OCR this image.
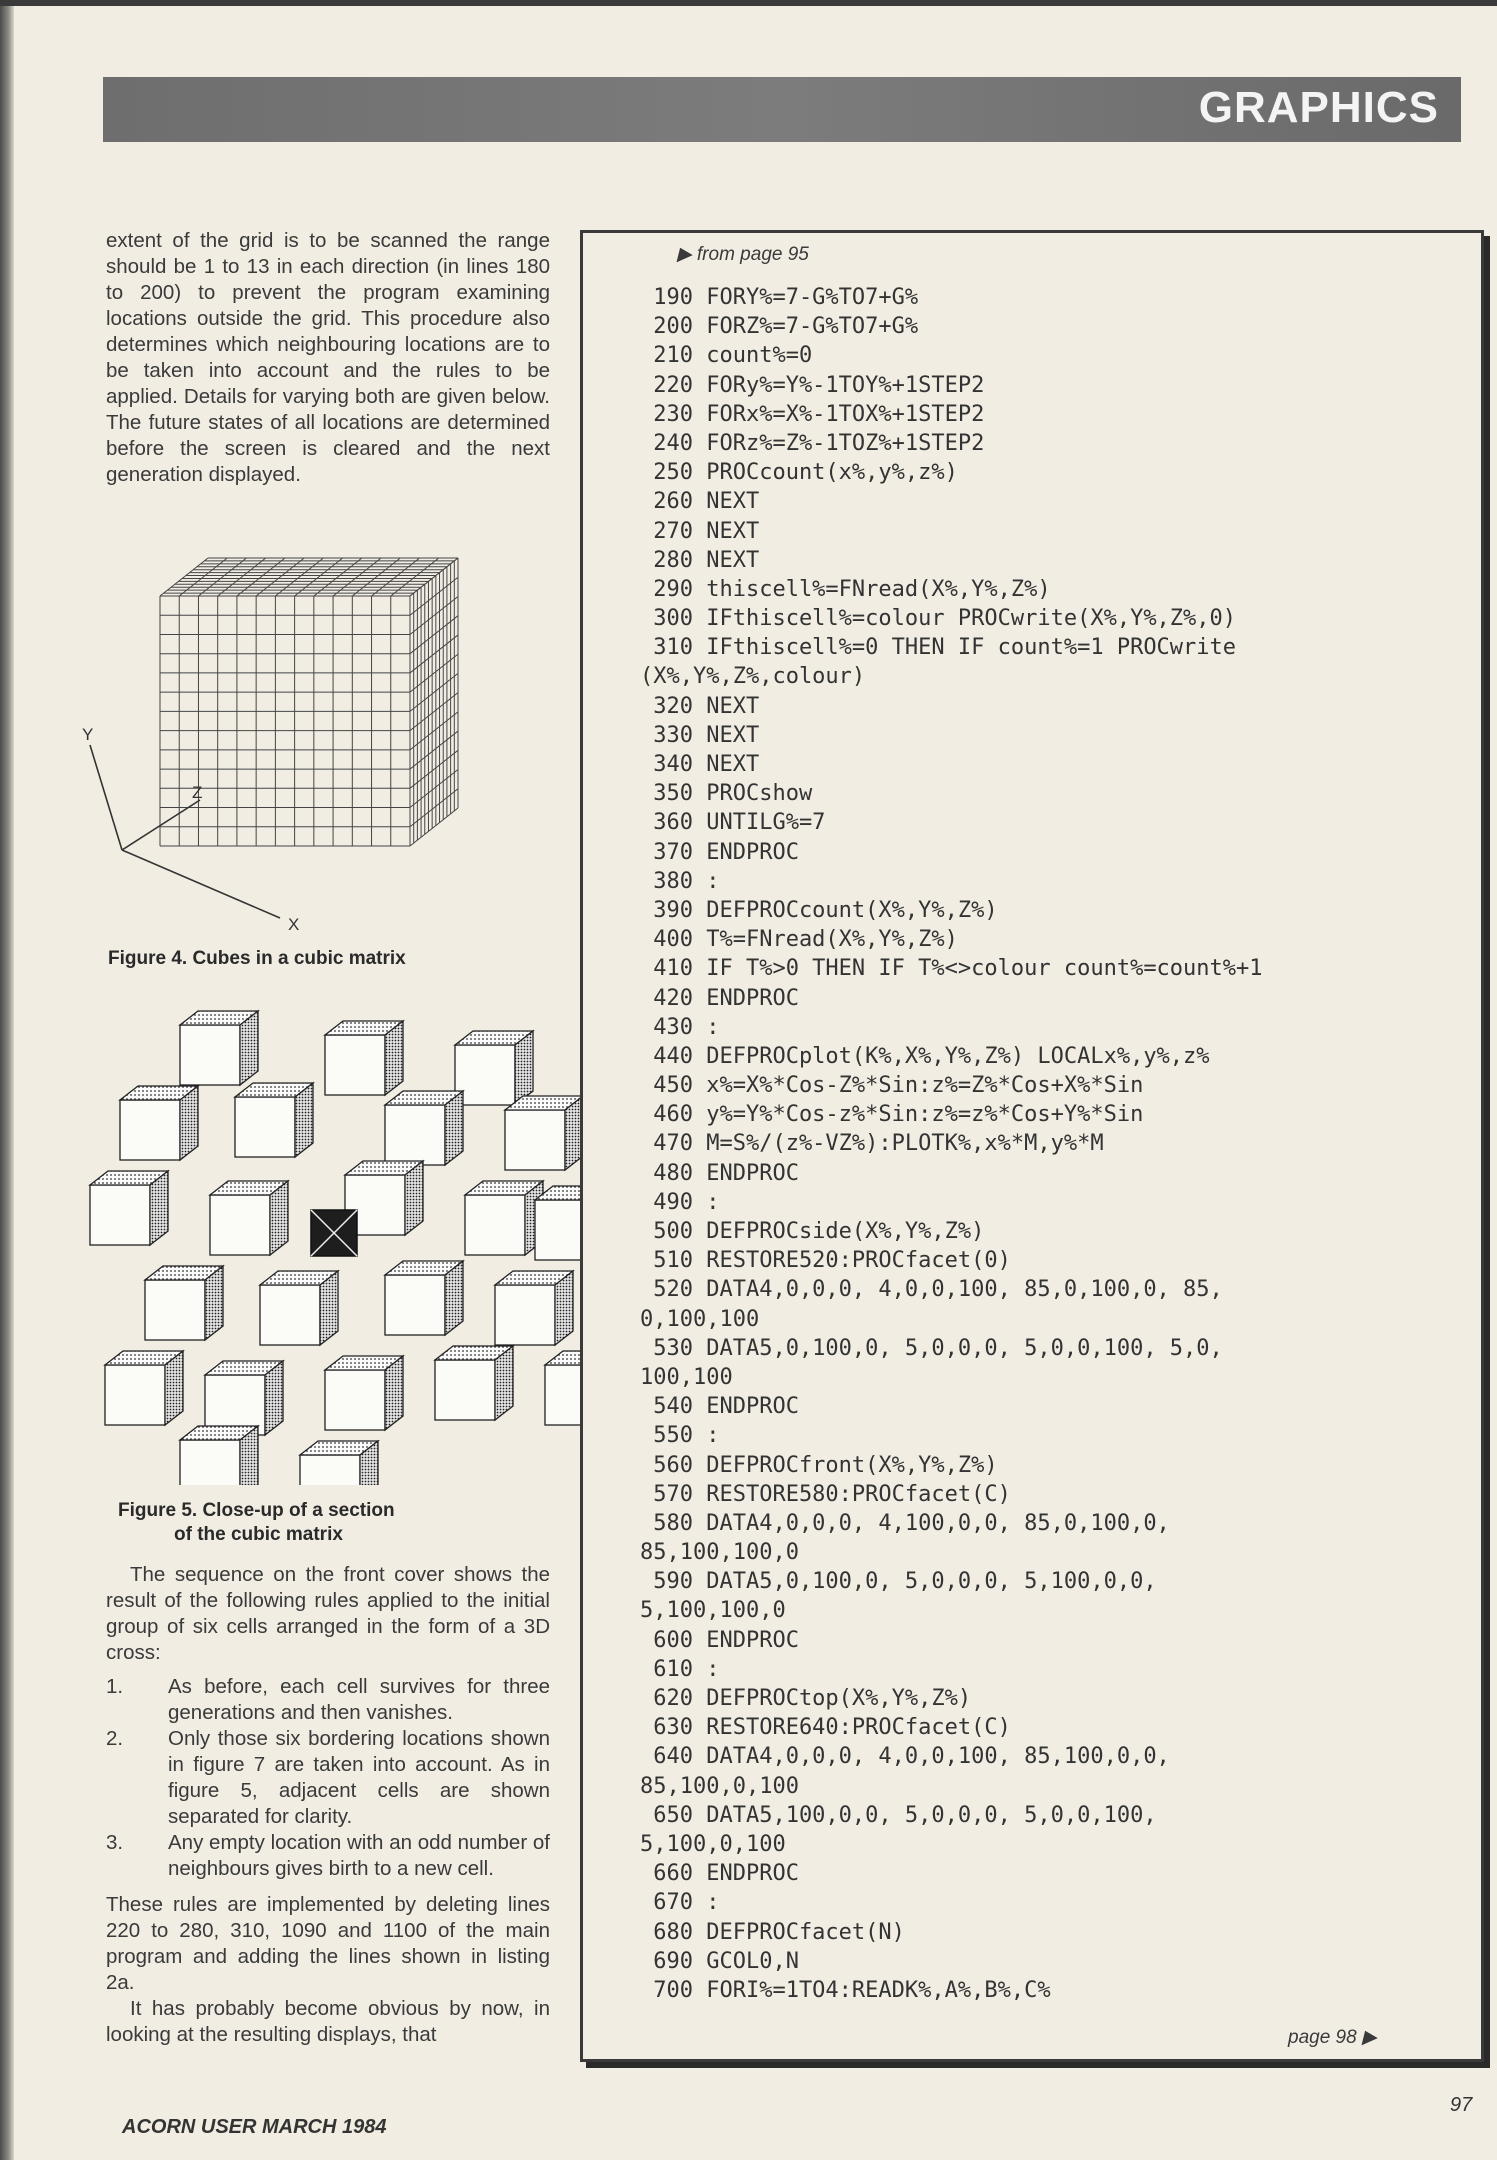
GRAPHICS
extent of the grid is to be scanned the range should be 1 to 13 in each direction (in lines 180 to 200) to prevent the program examining locations outside the grid. This procedure also determines which neighbouring locations are to be taken into account and the rules to be applied. Details for varying both are given below. The future states of all locations are determined before the screen is cleared and the next generation displayed.
Y
Z
X
Figure 4. Cubes in a cubic matrix
Figure 5. Close-up of a section
of the cubic matrix

The sequence on the front cover shows the result of the following rules applied to the initial group of six cells arranged in the form of a 3D cross:

1.	As before, each cell survives for three generations and then vanishes.
2.	Only those six bordering locations shown in figure 7 are taken into account. As in figure 5, adjacent cells are shown separated for clarity.
3.	Any empty location with an odd number of neighbours gives birth to a new cell.

These rules are implemented by deleting lines 220 to 280, 310, 1090 and 1100 of the main program and adding the lines shown in listing 2a.

It has probably become obvious by now, in looking at the resulting displays, that

▶ from page 95
190 FORY%=7-G%TO7+G%
200 FORZ%=7-G%TO7+G%
210 count%=0
220 FORy%=Y%-1TOY%+1STEP2
230 FORx%=X%-1TOX%+1STEP2
240 FORz%=Z%-1TOZ%+1STEP2
250 PROCcount(x%,y%,z%)
260 NEXT
270 NEXT
280 NEXT
290 thiscell%=FNread(X%,Y%,Z%)
300 IFthiscell%=colour PROCwrite(X%,Y%,Z%,0)
310 IFthiscell%=0 THEN IF count%=1 PROCwrite
(X%,Y%,Z%,colour)
320 NEXT
330 NEXT
340 NEXT
350 PROCshow
360 UNTILG%=7
370 ENDPROC
380 :
390 DEFPROCcount(X%,Y%,Z%)
400 T%=FNread(X%,Y%,Z%)
410 IF T%>0 THEN IF T%<>colour count%=count%+1
420 ENDPROC
430 :
440 DEFPROCplot(K%,X%,Y%,Z%) LOCALx%,y%,z%
450 x%=X%*Cos-Z%*Sin:z%=Z%*Cos+X%*Sin
460 y%=Y%*Cos-z%*Sin:z%=z%*Cos+Y%*Sin
470 M=S%/(z%-VZ%):PLOTK%,x%*M,y%*M
480 ENDPROC
490 :
500 DEFPROCside(X%,Y%,Z%)
510 RESTORE520:PROCfacet(0)
520 DATA4,0,0,0, 4,0,0,100, 85,0,100,0, 85,
0,100,100
530 DATA5,0,100,0, 5,0,0,0, 5,0,0,100, 5,0,
100,100
540 ENDPROC
550 :
560 DEFPROCfront(X%,Y%,Z%)
570 RESTORE580:PROCfacet(C)
580 DATA4,0,0,0, 4,100,0,0, 85,0,100,0,
85,100,100,0
590 DATA5,0,100,0, 5,0,0,0, 5,100,0,0,
5,100,100,0
600 ENDPROC
610 :
620 DEFPROCtop(X%,Y%,Z%)
630 RESTORE640:PROCfacet(C)
640 DATA4,0,0,0, 4,0,0,100, 85,100,0,0,
85,100,0,100
650 DATA5,100,0,0, 5,0,0,0, 5,0,0,100,
5,100,0,100
660 ENDPROC
670 :
680 DEFPROCfacet(N)
690 GCOL0,N
700 FORI%=1TO4:READK%,A%,B%,C%
page 98 ▶
ACORN USER MARCH 1984
97
